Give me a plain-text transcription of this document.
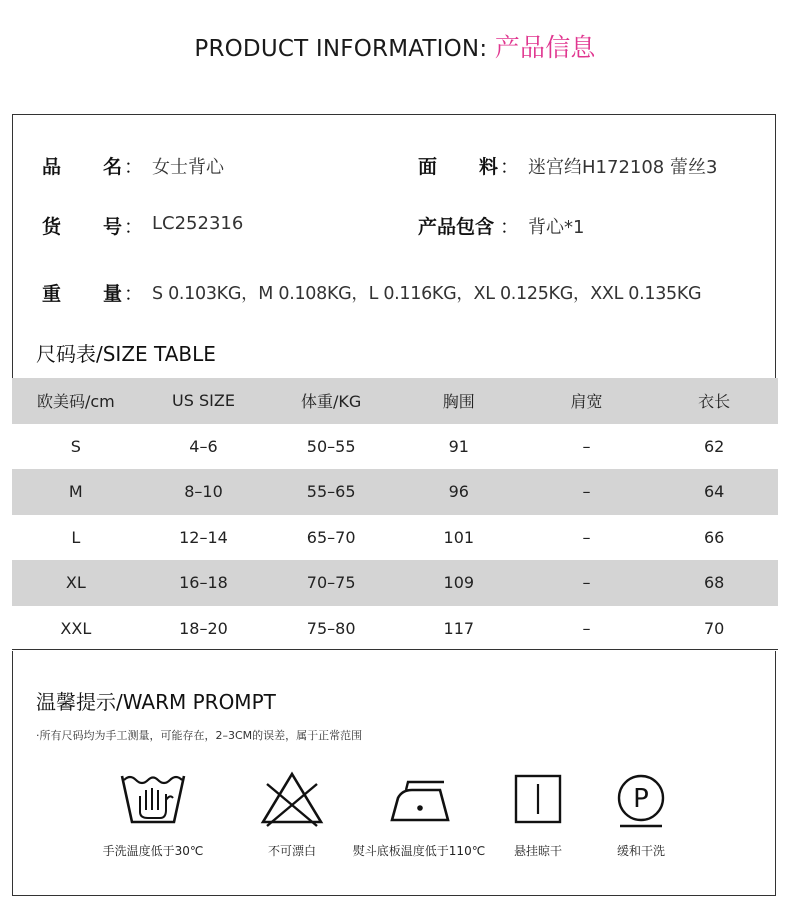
PRODUCT INFORMATION: 产品信息
品 名 ： 女士背心	面 料 ： 迷宫绉H172108 蕾丝3
货 号 ： LC252316	产品包含 ： 背心*1
重 量 ： S 0.103KG，M 0.108KG，L 0.116KG，XL 0.125KG，XXL 0.135KG
尺码表/SIZE TABLE
欧美码/cm	US SIZE	体重/KG	胸围	肩宽	衣长
S	4–6	50–55	91	–	62
M	8–10	55–65	96	–	64
L	12–14	65–70	101	–	66
XL	16–18	70–75	109	–	68
XXL	18–20	75–80	117	–	70
温馨提示/WARM PROMPT
·所有尺码均为手工测量，可能存在，2–3CM的误差，属于正常范围
手洗温度低于30℃	不可漂白	熨斗底板温度低于110℃	悬挂晾干
P
缓和干洗
